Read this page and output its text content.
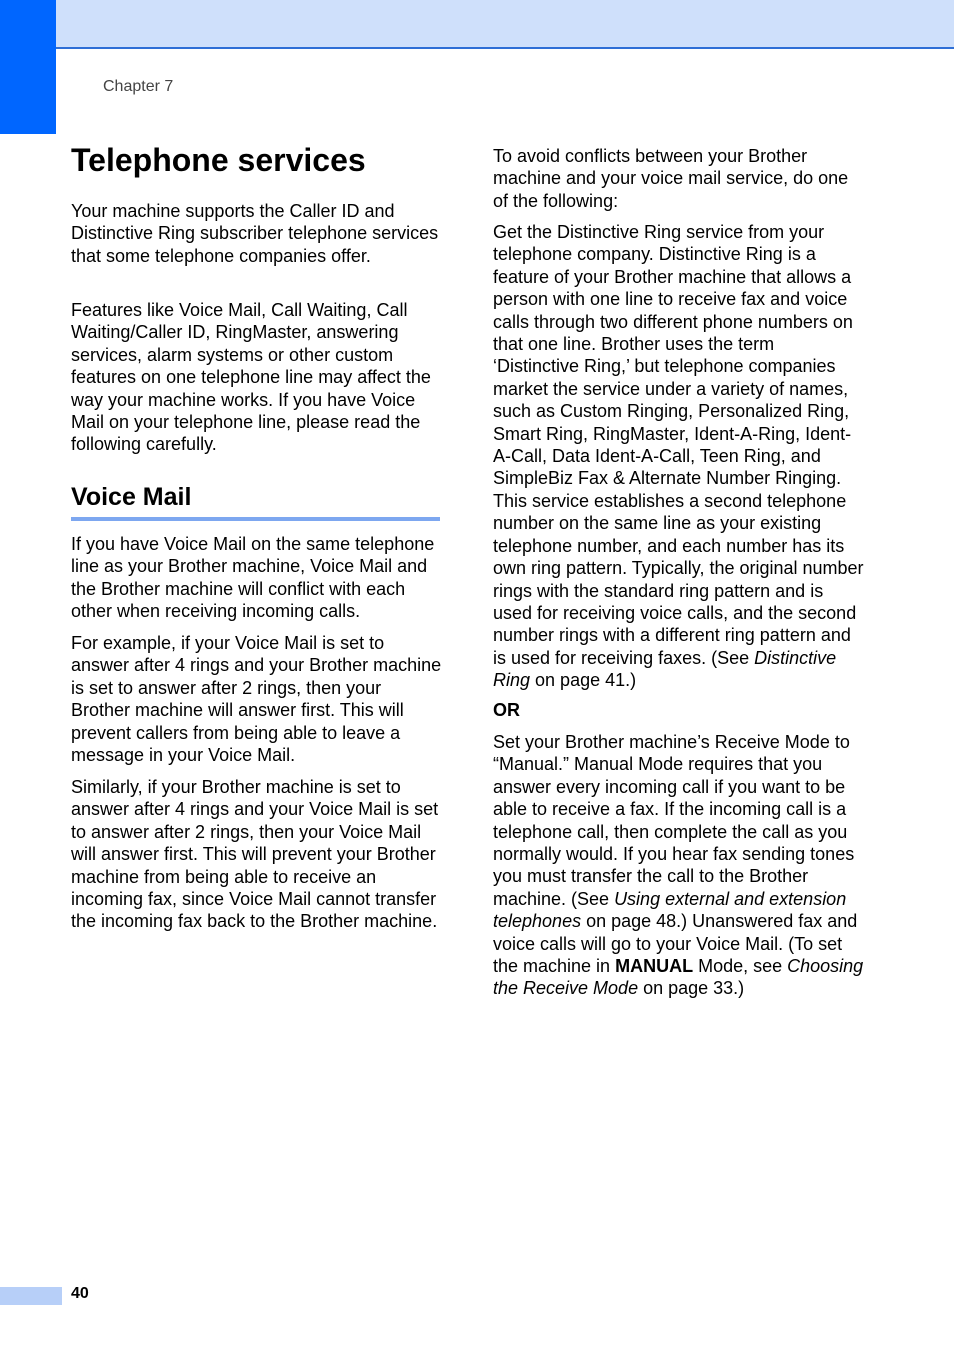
Chapter 7
Telephone services

Your machine supports the Caller ID and Distinctive Ring subscriber telephone services that some telephone companies offer.

Features like Voice Mail, Call Waiting, Call Waiting/Caller ID, RingMaster, answering services, alarm systems or other custom features on one telephone line may affect the way your machine works. If you have Voice Mail on your telephone line, please read the following carefully.

Voice Mail

If you have Voice Mail on the same telephone line as your Brother machine, Voice Mail and the Brother machine will conflict with each other when receiving incoming calls.

For example, if your Voice Mail is set to answer after 4 rings and your Brother machine is set to answer after 2 rings, then your Brother machine will answer first. This will prevent callers from being able to leave a message in your Voice Mail.

Similarly, if your Brother machine is set to answer after 4 rings and your Voice Mail is set to answer after 2 rings, then your Voice Mail will answer first. This will prevent your Brother machine from being able to receive an incoming fax, since Voice Mail cannot transfer the incoming fax back to the Brother machine.

To avoid conflicts between your Brother machine and your voice mail service, do one of the following:

Get the Distinctive Ring service from your telephone company. Distinctive Ring is a feature of your Brother machine that allows a person with one line to receive fax and voice calls through two different phone numbers on that one line. Brother uses the term ‘Distinctive Ring,’ but telephone companies market the service under a variety of names, such as Custom Ringing, Personalized Ring, Smart Ring, RingMaster, Ident-A-Ring, Ident-A-Call, Data Ident-A-Call, Teen Ring, and SimpleBiz Fax & Alternate Number Ringing. This service establishes a second telephone number on the same line as your existing telephone number, and each number has its own ring pattern. Typically, the original number rings with the standard ring pattern and is used for receiving voice calls, and the second number rings with a different ring pattern and is used for receiving faxes. (See Distinctive Ring on page 41.)

OR

Set your Brother machine’s Receive Mode to “Manual.” Manual Mode requires that you answer every incoming call if you want to be able to receive a fax. If the incoming call is a telephone call, then complete the call as you normally would. If you hear fax sending tones you must transfer the call to the Brother machine. (See Using external and extension telephones on page 48.) Unanswered fax and voice calls will go to your Voice Mail. (To set the machine in MANUAL Mode, see Choosing the Receive Mode on page 33.)

40
